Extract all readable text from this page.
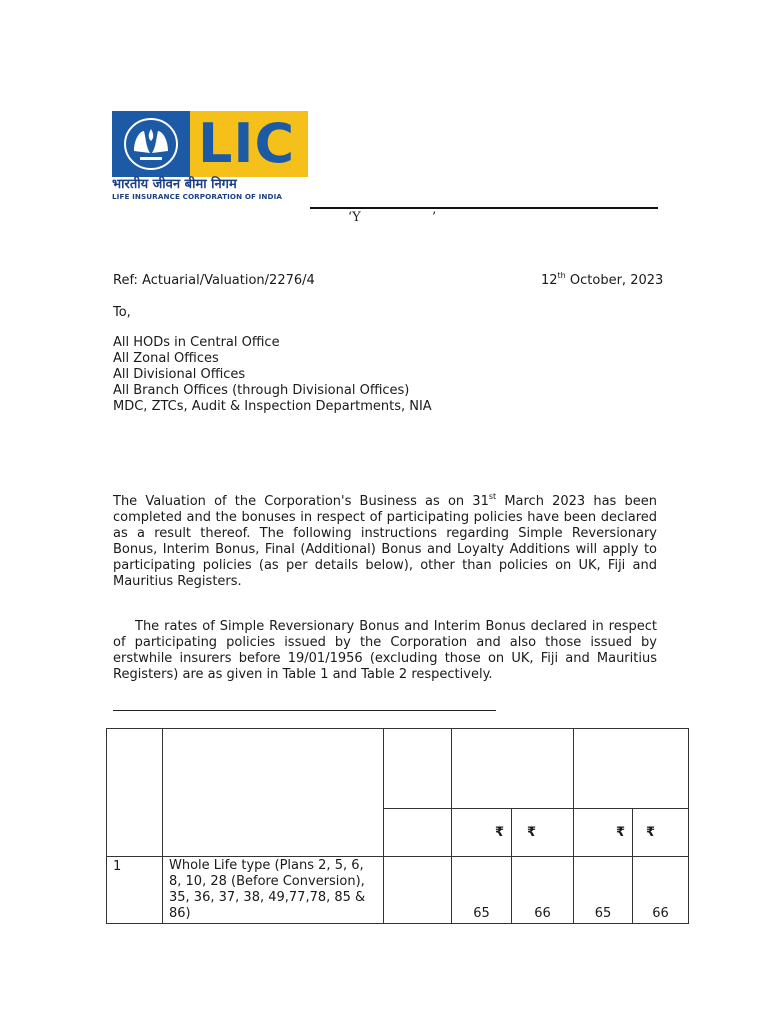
LIC
भारतीय जीवन बीमा निगम
LIFE INSURANCE CORPORATION OF INDIA
‘Y	’
Ref: Actuarial/Valuation/2276/4	12th October, 2023
To,
All HODs in Central Office
All Zonal Offices
All Divisional Offices
All Branch Offices (through Divisional Offices)
MDC, ZTCs, Audit & Inspection Departments, NIA
The Valuation of the Corporation's Business as on 31st March 2023 has been completed and the bonuses in respect of participating policies have been declared as a result thereof. The following instructions regarding Simple Reversionary Bonus, Interim Bonus, Final (Additional) Bonus and Loyalty Additions will apply to participating policies (as per details below), other than policies on UK, Fiji and Mauritius Registers.
The rates of Simple Reversionary Bonus and Interim Bonus declared in respect of participating policies issued by the Corporation and also those issued by erstwhile insurers before 19/01/1956 (excluding those on UK, Fiji and Mauritius Registers) are as given in Table 1 and Table 2 respectively.

			₹	₹	₹	₹
1	Whole Life type (Plans 2, 5, 6, 8, 10, 28 (Before Conversion), 35, 36, 37, 38, 49,77,78, 85 & 86)		65	66	65	66
